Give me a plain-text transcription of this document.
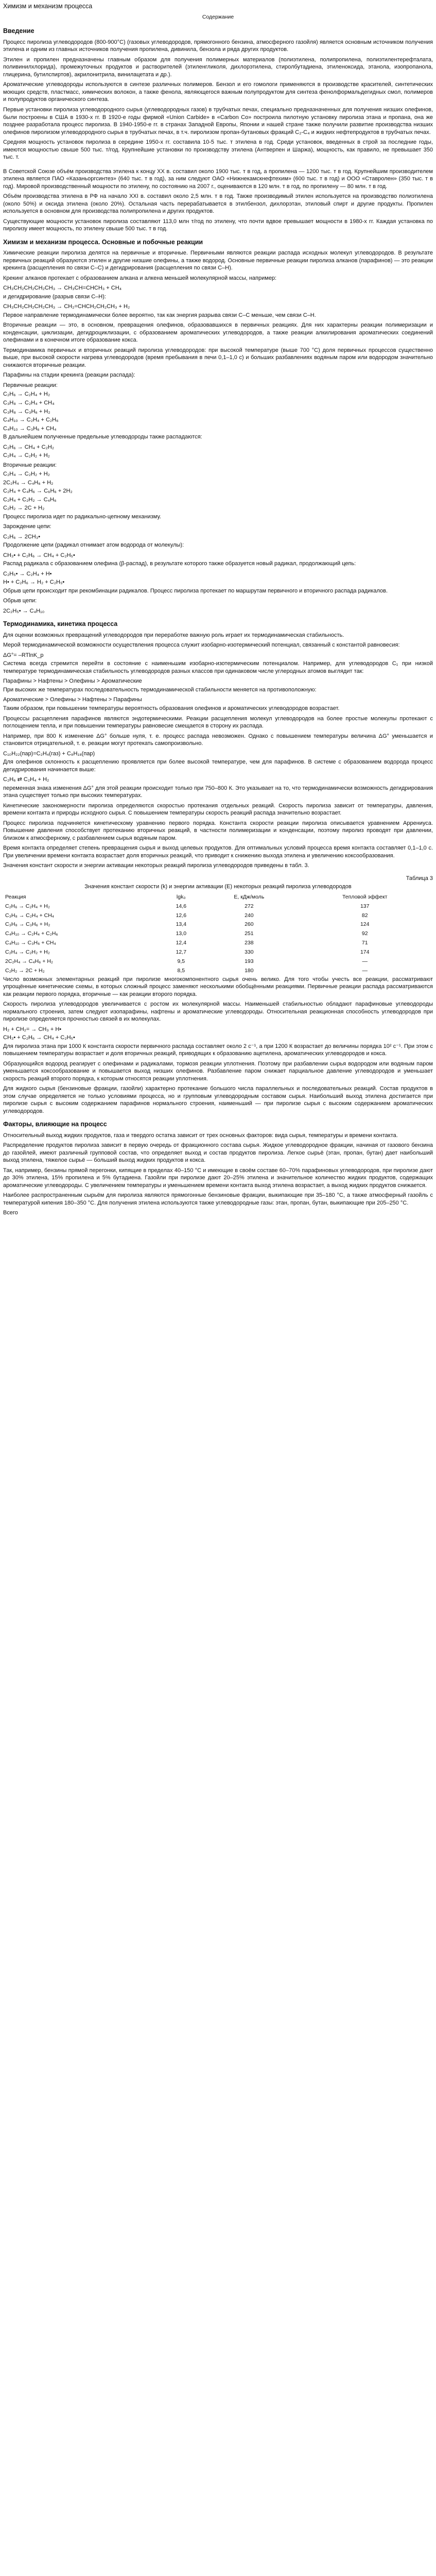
Химизм и механизм процесса
Содержание
Введение

Процесс пиролиза углеводородов (800-900°С) (газовых углеводородов, прямогонного бензина, атмосферного газойля) является основным источником получения этилена и одним из главных источников получения пропилена, дивинила, бензола и ряда других продуктов.

Этилен и пропилен предназначены главным образом для получения полимерных материалов (полиэтилена, полипропилена, полиэтилентерефталата, поливинилхлорида), промежуточных продуктов и растворителей (этиленгликоля, дихлорэтилена, стиролбутадиена, этиленоксида, этанола, изопропанола, глицерина, бутилспиртов), акрилонитрила, винилацетата и др.).

Ароматические углеводороды используются в синтезе различных полимеров. Бензол и его гомологи применяются в производстве красителей, синтетических моющих средств, пластмасс, химических волокон, а также фенола, являющегося важным полупродуктом для синтеза фенолформальдегидных смол, полимеров и полупродуктов органического синтеза.

Первые установки пиролиза углеводородного сырья (углеводородных газов) в трубчатых печах, специально предназначенных для получения низших олефинов, были построены в США в 1930-х гг. В 1920-е годы фирмой «Union Carbide» в «Carbon Co» построила пилотную установку пиролиза этана и пропана, она же позднее разработала процесс пиролиза. В 1940-1950-е гг. в странах Западной Европы, Японии и нашей стране также получили развитие производства низших олефинов пиролизом углеводородного сырья в трубчатых печах, в т.ч. пиролизом пропан-бутановых фракций С₂-С₄ и жидких нефтепродуктов в трубчатых печах.

Средняя мощность установок пиролиза в середине 1950-х гг. составила 10-5 тыс. т этилена в год. Среди установок, введенных в строй за последние годы, имеются мощностью свыше 500 тыс. т/год. Крупнейшие установки по производству этилена (Антверпен и Шаржа), мощность, как правило, не превышает 350 тыс. т.

В Советской Союзе объём производства этилена к концу XX в. составил около 1900 тыс. т в год, а пропилена — 1200 тыс. т в год. Крупнейшим производителем этилена является ПАО «Казаньоргсинтез» (640 тыс. т в год), за ним следуют ОАО «Нижнекамскнефтехим» (600 тыс. т в год) и ООО «Ставролен» (350 тыс. т в год). Мировой производственный мощности по этилену, по состоянию на 2007 г., оцениваются в 120 млн. т в год, по пропилену — 80 млн. т в год.

Объём производства этилена в РФ на начало XXI в. составил около 2,5 млн. т в год. Также производимый этилен используется на производство полиэтилена (около 50%) и оксида этилена (около 20%). Остальная часть перерабатывается в этилбензол, дихлорэтан, этиловый спирт и другие продукты. Пропилен используется в основном для производства полипропилена и других продуктов.

Существующие мощности установок пиролиза составляют 113,0 млн т/год по этилену, что почти вдвое превышает мощности в 1980-х гг. Каждая установка по пиролизу имеет мощность, по этилену свыше 500 тыс. т в год.

Химизм и механизм процесса. Основные и побочные реакции

Химические реакции пиролиза делятся на первичные и вторичные. Первичными являются реакции распада исходных молекул углеводородов. В результате первичных реакций образуются этилен и другие низшие олефины, а также водород. Основные первичные реакции пиролиза алканов (парафинов) — это реакции крекинга (расщепления по связи С–С) и дегидрирования (расщепления по связи С–Н).

Крекинг алканов протекает с образованием алкана и алкена меньшей молекулярной массы, например:

CH₃CH₂CH₂CH₂CH₃ → CH₃CH=CHCH₃ + CH₄

и дегидрирование (разрыв связи C–H):

CH₃CH₂CH₂CH₂CH₃ → CH₂=CHCH₂CH₂CH₃ + H₂

Первое направление термодинамически более вероятно, так как энергия разрыва связи С–С меньше, чем связи С–Н.

Вторичные реакции — это, в основном, превращения олефинов, образовавшихся в первичных реакциях. Для них характерны реакции полимеризации и конденсации, циклизации, дегидроциклизации, с образованием ароматических углеводородов, а также реакции алкилирования ароматических соединений олефинами и в конечном итоге образование кокса.

Термодинамика первичных и вторичных реакций пиролиза углеводородов: при высокой температуре (выше 700 °С) доля первичных процессов существенно выше, при высокой скорости нагрева углеводородов (время пребывания в печи 0,1–1,0 с) и больших разбавлениях водяным паром или водородом значительно снижаются вторичные реакции.

Парафины на стадии крекинга (реакции распада):

Первичные реакции:

C₂H₆ → C₂H₄ + H₂

C₃H₈ → C₂H₄ + CH₄

C₃H₈ → C₃H₆ + H₂

C₄H₁₀ → C₂H₄ + C₂H₆

C₄H₁₀ → C₃H₆ + CH₄

В дальнейшем полученные предельные углеводороды также распадаются:

C₂H₆ → CH₄ + C₂H₂

C₂H₄ → C₂H₂ + H₂

Вторичные реакции:

C₂H₄ → C₂H₂ + H₂

2C₂H₄ → C₄H₆ + H₂

C₂H₄ + C₄H₆ → C₆H₆ + 2H₂

C₂H₄ + C₂H₂ → C₄H₆

C₂H₂ → 2C + H₂

Процесс пиролиза идет по радикально-цепному механизму.

Зарождение цепи:

C₂H₆ → 2CH₃•

Продолжение цепи (радикал отнимает атом водорода от молекулы):

CH₃• + C₂H₆ → CH₄ + C₂H₅•

Распад радикала с образованием олефина (β-распад), в результате которого также образуется новый радикал, продолжающий цепь:

C₂H₅• → C₂H₄ + H•

H• + C₂H₆ → H₂ + C₂H₅•

Обрыв цепи происходит при рекомбинации радикалов. Процесс пиролиза протекает по маршрутам первичного и вторичного распада радикалов.

Обрыв цепи:

2C₂H₅• → C₄H₁₀

Термодинамика, кинетика процесса

Для оценки возможных превращений углеводородов при переработке важную роль играет их термодинамическая стабильность.

Мерой термодинамической возможности осуществления процесса служит изобарно-изотермический потенциал, связанный с константой равновесия:

ΔG°= –RTlnK_p

Система всегда стремится перейти в состояние с наименьшим изобарно-изотермическим потенциалом. Например, для углеводородов С₁ при низкой температуре термодинамическая стабильность углеводородов разных классов при одинаковом числе углеродных атомов выглядит так:

Парафины > Нафтены > Олефины > Ароматические

При высоких же температурах последовательность термодинамической стабильности меняется на противоположную:

Ароматические > Олефины > Нафтены > Парафины

Таким образом, при повышении температуры вероятность образования олефинов и ароматических углеводородов возрастает.

Процессы расщепления парафинов являются эндотермическими. Реакции расщепления молекул углеводородов на более простые молекулы протекают с поглощением тепла, и при повышении температуры равновесие смещается в сторону их распада.

Например, при 800 К изменение ΔG° больше нуля, т. е. процесс распада невозможен. Однако с повышением температуры величина ΔG° уменьшается и становится отрицательной, т. е. реакции могут протекать самопроизвольно.

C₁₀H₂₂(пар)=C₂H₄(газ) + C₈H₁₈(пар)

Для олефинов склонность к расщеплению проявляется при более высокой температуре, чем для парафинов. В системе с образованием водорода процесс дегидрирования начинается выше:

C₂H₆ ⇄ C₂H₄ + H₂

переменная знака изменения ΔG° для этой реакции происходит только при 750–800 К. Это указывает на то, что термодинамически возможность дегидрирования этана существует только при высоких температурах.

Кинетические закономерности пиролиза определяются скоростью протекания отдельных реакций. Скорость пиролиза зависит от температуры, давления, времени контакта и природы исходного сырья. С повышением температуры скорость реакций распада значительно возрастает.

Процесс пиролиза подчиняется кинетическому уравнению первого порядка. Константа скорости реакции пиролиза описывается уравнением Аррениуса. Повышение давления способствует протеканию вторичных реакций, в частности полимеризации и конденсации, поэтому пиролиз проводят при давлении, близком к атмосферному, с разбавлением сырья водяным паром.

Время контакта определяет степень превращения сырья и выход целевых продуктов. Для оптимальных условий процесса время контакта составляет 0,1–1,0 с. При увеличении времени контакта возрастает доля вторичных реакций, что приводит к снижению выхода этилена и увеличению коксообразования.

Значения констант скорости и энергии активации некоторых реакций пиролиза углеводородов приведены в табл. 3.

Таблица 3
Значения констант скорости (k) и энергии активации (E) некоторых реакций пиролиза углеводородов
Реакция	lgk₀	E, кДж/моль	Тепловой эффект
C₂H₆ → C₂H₄ + H₂	14,6	272	137
C₃H₈ → C₂H₄ + CH₄	12,6	240	82
C₃H₈ → C₃H₆ + H₂	13,4	260	124
C₄H₁₀ → C₂H₄ + C₂H₆	13,0	251	92
C₄H₁₀ → C₃H₆ + CH₄	12,4	238	71
C₂H₄ → C₂H₂ + H₂	12,7	330	174
2C₂H₄ → C₄H₆ + H₂	9,5	193	—
C₂H₂ → 2C + H₂	8,5	180	—

Число возможных элементарных реакций при пиролизе многокомпонентного сырья очень велико. Для того чтобы учесть все реакции, рассматривают упрощённые кинетические схемы, в которых сложный процесс заменяют несколькими обобщёнными реакциями. Первичные реакции распада рассматриваются как реакции первого порядка, вторичные — как реакции второго порядка.

Скорость пиролиза углеводородов увеличивается с ростом их молекулярной массы. Наименьшей стабильностью обладают парафиновые углеводороды нормального строения, затем следуют изопарафины, нафтены и ароматические углеводороды. Относительная реакционная способность углеводородов при пиролизе определяется прочностью связей в их молекулах.

H₂ + CH₂= → CH₃ + H•

CH₃• + C₂H₆ → CH₄ + C₂H₅•

Для пиролиза этана при 1000 К константа скорости первичного распада составляет около 2 с⁻¹, а при 1200 К возрастает до величины порядка 10² с⁻¹. При этом с повышением температуры возрастает и доля вторичных реакций, приводящих к образованию ацетилена, ароматических углеводородов и кокса.

Образующийся водород реагирует с олефинами и радикалами, тормозя реакции уплотнения. Поэтому при разбавлении сырья водородом или водяным паром уменьшается коксообразование и повышается выход низших олефинов. Разбавление паром снижает парциальное давление углеводородов и уменьшает скорость реакций второго порядка, к которым относятся реакции уплотнения.

Для жидкого сырья (бензиновые фракции, газойли) характерно протекание большого числа параллельных и последовательных реакций. Состав продуктов в этом случае определяется не только условиями процесса, но и групповым углеводородным составом сырья. Наибольший выход этилена достигается при пиролизе сырья с высоким содержанием парафинов нормального строения, наименьший — при пиролизе сырья с высоким содержанием ароматических углеводородов.

Факторы, влияющие на процесс

Относительный выход жидких продуктов, газа и твердого остатка зависит от трех основных факторов: вида сырья, температуры и времени контакта.

Распределение продуктов пиролиза зависит в первую очередь от фракционного состава сырья. Жидкое углеводородное фракции, начиная от газового бензина до газойлей, имеют различный групповой состав, что определяет выход и состав продуктов пиролиза. Легкое сырьё (этан, пропан, бутан) дает наибольший выход этилена, тяжелое сырьё — больший выход жидких продуктов и кокса.

Так, например, бензины прямой перегонки, кипящие в пределах 40–150 °С и имеющие в своём составе 60–70% парафиновых углеводородов, при пиролизе дают до 30% этилена, 15% пропилена и 5% бутадиена. Газойли при пиролизе дают 20–25% этилена и значительное количество жидких продуктов, содержащих ароматические углеводороды. С увеличением температуры и уменьшением времени контакта выход этилена возрастает, а выход жидких продуктов снижается.

Наиболее распространенным сырьём для пиролиза являются прямогонные бензиновые фракции, выкипающие при 35–180 °С, а также атмосферный газойль с температурой кипения 180–350 °С. Для получения этилена используются также углеводородные газы: этан, пропан, бутан, выкипающие при 205–250 °С.

Всего
